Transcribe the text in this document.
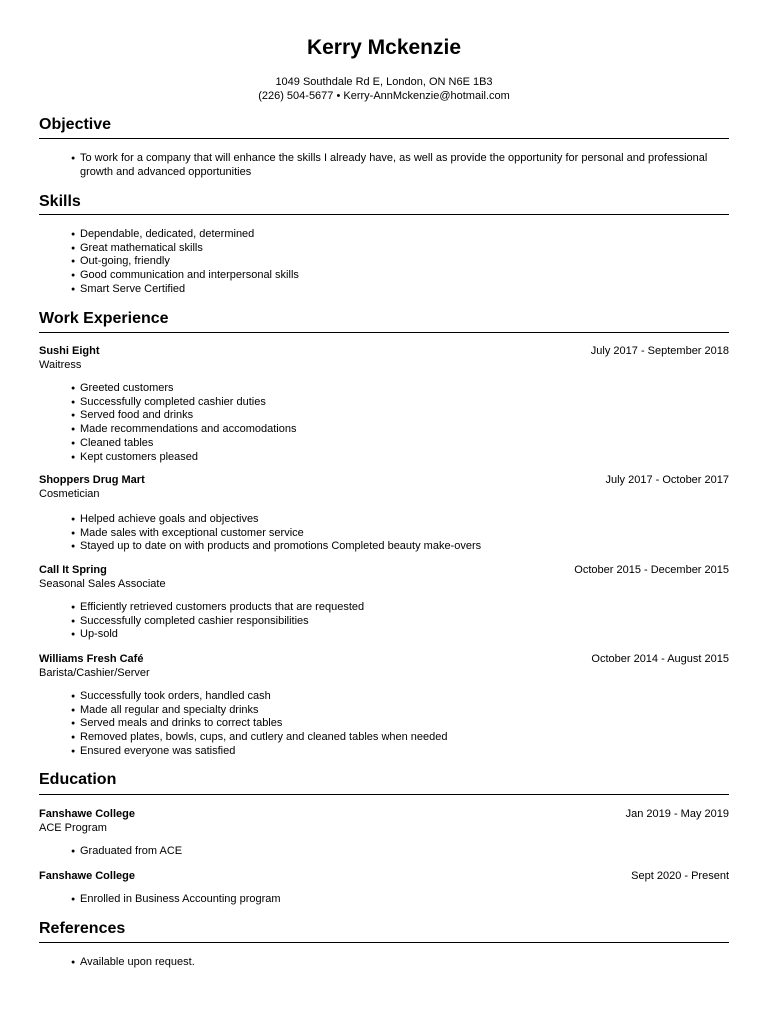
Kerry Mckenzie
1049 Southdale Rd E, London, ON N6E 1B3
(226) 504-5677 • Kerry-AnnMckenzie@hotmail.com
Objective
● To work for a company that will enhance the skills I already have, as well as provide the opportunity for personal and professional growth and advanced opportunities
Skills
● Dependable, dedicated, determined
● Great mathematical skills
● Out-going, friendly
● Good communication and interpersonal skills
● Smart Serve Certified
Work Experience
Sushi Eight
Waitress
July 2017 - September 2018
● Greeted customers
● Successfully completed cashier duties
● Served food and drinks
● Made recommendations and accomodations
● Cleaned tables
● Kept customers pleased
Shoppers Drug Mart
Cosmetician
July 2017 - October 2017
● Helped achieve goals and objectives
● Made sales with exceptional customer service
● Stayed up to date on with products and promotions Completed beauty make-overs
Call It Spring
Seasonal Sales Associate
October 2015 - December 2015
● Efficiently retrieved customers products that are requested
● Successfully completed cashier responsibilities
● Up-sold
Williams Fresh Café
Barista/Cashier/Server
October 2014 - August 2015
● Successfully took orders, handled cash
● Made all regular and specialty drinks
● Served meals and drinks to correct tables
● Removed plates, bowls, cups, and cutlery and cleaned tables when needed
● Ensured everyone was satisfied
Education
Fanshawe College
ACE Program
Jan 2019 - May 2019
● Graduated from ACE
Fanshawe College	Sept 2020 - Present
● Enrolled in Business Accounting program
References
● Available upon request.
